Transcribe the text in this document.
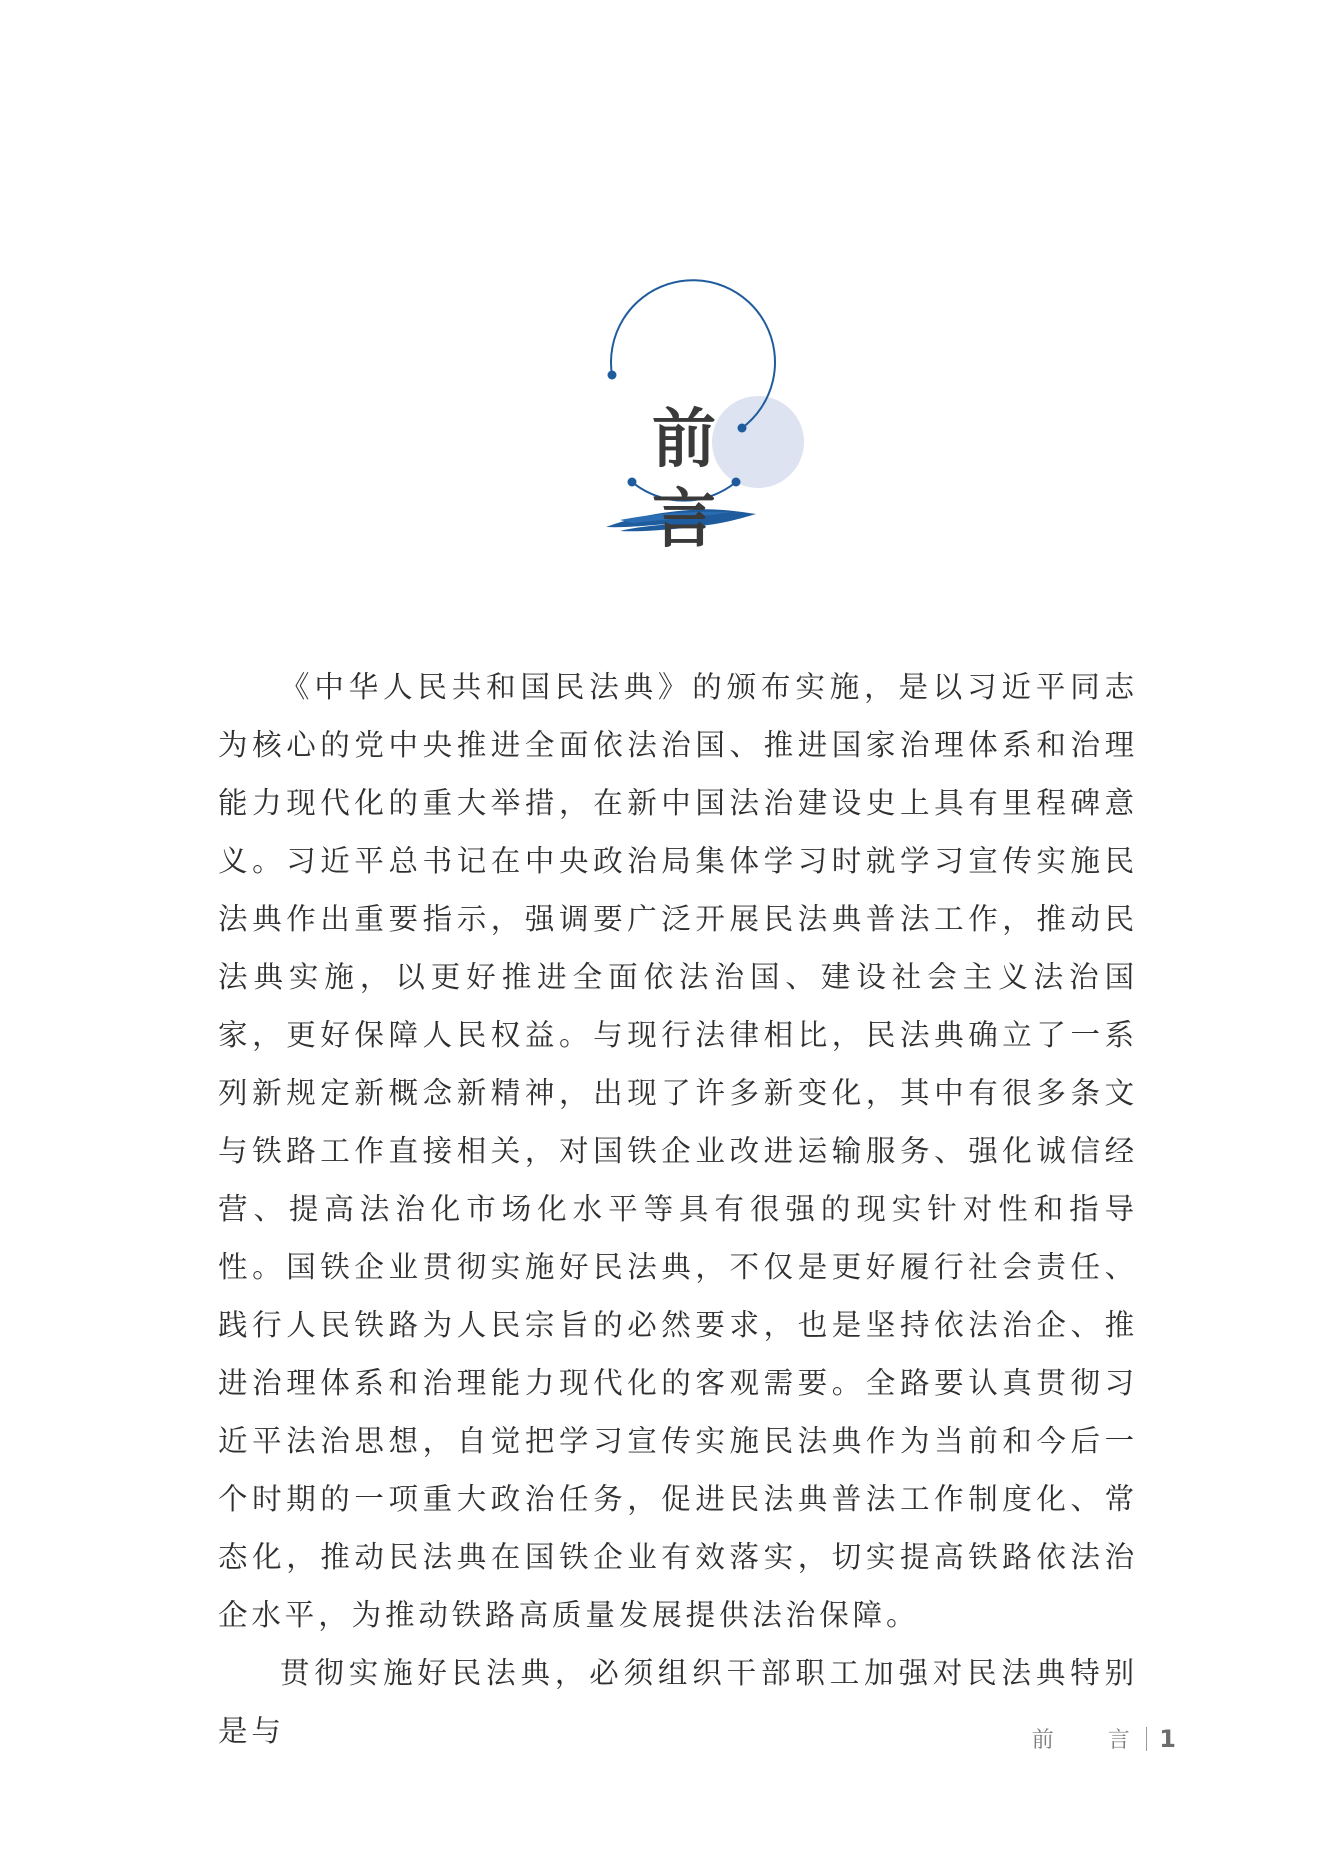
前　言

《中华人民共和国民法典》的颁布实施，是以习近平同志为核心的党中央推进全面依法治国、推进国家治理体系和治理能力现代化的重大举措，在新中国法治建设史上具有里程碑意义。习近平总书记在中央政治局集体学习时就学习宣传实施民法典作出重要指示，强调要广泛开展民法典普法工作，推动民法典实施，以更好推进全面依法治国、建设社会主义法治国家，更好保障人民权益。与现行法律相比，民法典确立了一系列新规定新概念新精神，出现了许多新变化，其中有很多条文与铁路工作直接相关，对国铁企业改进运输服务、强化诚信经营、提高法治化市场化水平等具有很强的现实针对性和指导性。国铁企业贯彻实施好民法典，不仅是更好履行社会责任、践行人民铁路为人民宗旨的必然要求，也是坚持依法治企、推进治理体系和治理能力现代化的客观需要。全路要认真贯彻习近平法治思想，自觉把学习宣传实施民法典作为当前和今后一个时期的一项重大政治任务，促进民法典普法工作制度化、常态化，推动民法典在国铁企业有效落实，切实提高铁路依法治企水平，为推动铁路高质量发展提供法治保障。

贯彻实施好民法典，必须组织干部职工加强对民法典特别是与	前　言 1
